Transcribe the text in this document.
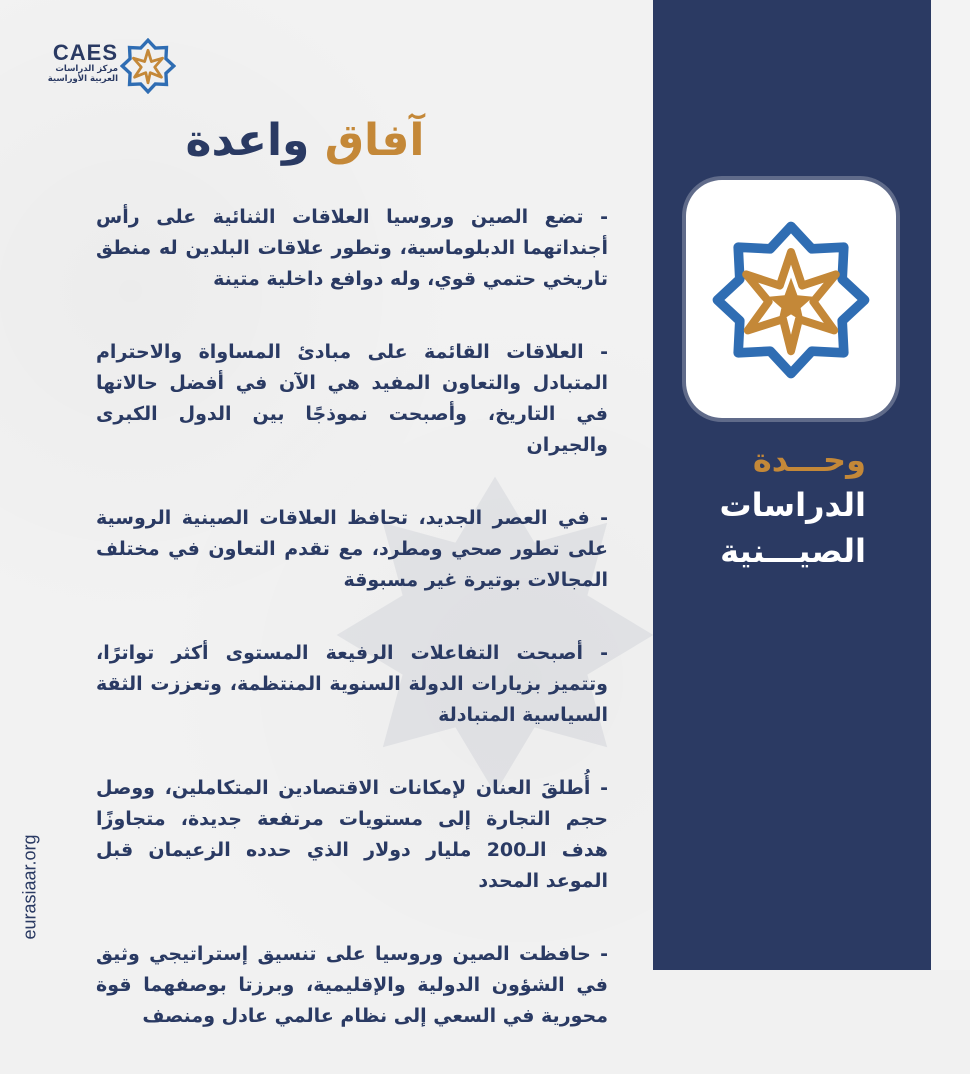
CAES
مركز الدراسات
العربية الأوراسية
آفاق واعدة

- تضع الصين وروسيا العلاقات الثنائية على رأس أجنداتهما الدبلوماسية، وتطور علاقات البلدين له منطق تاريخي حتمي قوي، وله دوافع داخلية متينة

- العلاقات القائمة على مبادئ المساواة والاحترام المتبادل والتعاون المفيد هي الآن في أفضل حالاتها في التاريخ، وأصبحت نموذجًا بين الدول الكبرى والجيران

- في العصر الجديد، تحافظ العلاقات الصينية الروسية على تطور صحي ومطرد، مع تقدم التعاون في مختلف المجالات بوتيرة غير مسبوقة

- أصبحت التفاعلات الرفيعة المستوى أكثر تواترًا، وتتميز بزيارات الدولة السنوية المنتظمة، وتعززت الثقة السياسية المتبادلة

- أُطلقَ العنان لإمكانات الاقتصادين المتكاملين، ووصل حجم التجارة إلى مستويات مرتفعة جديدة، متجاوزًا هدف الـ200 مليار دولار الذي حدده الزعيمان قبل الموعد المحدد

- حافظت الصين وروسيا على تنسيق إستراتيجي وثيق في الشؤون الدولية والإقليمية، وبرزتا بوصفهما قوة محورية في السعي إلى نظام عالمي عادل ومنصف

eurasiaar.org
وحـــدة
الدراسات
الصيـــنية
